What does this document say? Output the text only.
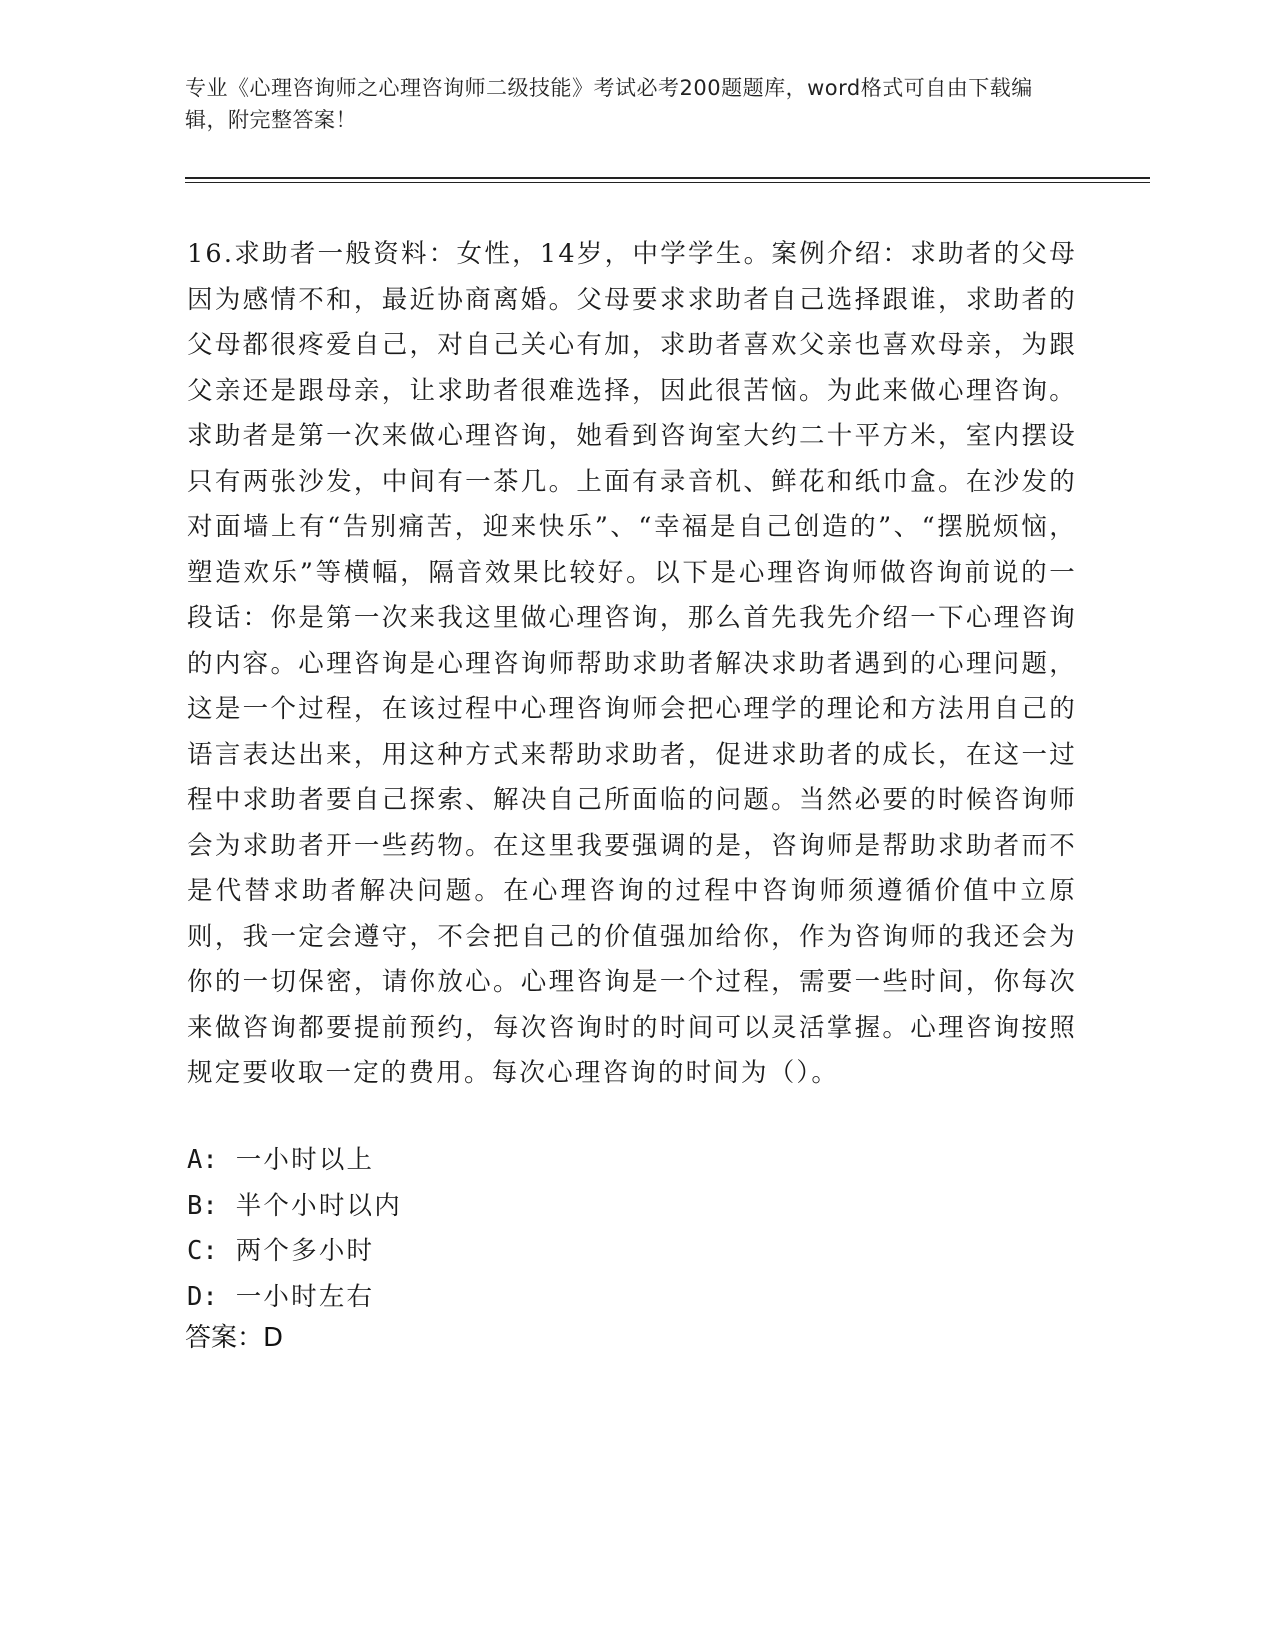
专业《心理咨询师之心理咨询师二级技能》考试必考200题题库，word格式可自由下载编辑，附完整答案！
16.求助者一般资料：女性，14岁，中学学生。案例介绍：求助者的父母因为感情不和，最近协商离婚。父母要求求助者自己选择跟谁，求助者的父母都很疼爱自己，对自己关心有加，求助者喜欢父亲也喜欢母亲，为跟父亲还是跟母亲，让求助者很难选择，因此很苦恼。为此来做心理咨询。求助者是第一次来做心理咨询，她看到咨询室大约二十平方米，室内摆设只有两张沙发，中间有一茶几。上面有录音机、鲜花和纸巾盒。在沙发的对面墙上有“告别痛苦，迎来快乐”、“幸福是自己创造的”、“摆脱烦恼，塑造欢乐”等横幅，隔音效果比较好。以下是心理咨询师做咨询前说的一段话：你是第一次来我这里做心理咨询，那么首先我先介绍一下心理咨询的内容。心理咨询是心理咨询师帮助求助者解决求助者遇到的心理问题，这是一个过程，在该过程中心理咨询师会把心理学的理论和方法用自己的语言表达出来，用这种方式来帮助求助者，促进求助者的成长，在这一过程中求助者要自己探索、解决自己所面临的问题。当然必要的时候咨询师会为求助者开一些药物。在这里我要强调的是，咨询师是帮助求助者而不是代替求助者解决问题。在心理咨询的过程中咨询师须遵循价值中立原则，我一定会遵守，不会把自己的价值强加给你，作为咨询师的我还会为你的一切保密，请你放心。心理咨询是一个过程，需要一些时间，你每次来做咨询都要提前预约，每次咨询时的时间可以灵活掌握。心理咨询按照规定要收取一定的费用。每次心理咨询的时间为（）。
A: 一小时以上
B: 半个小时以内
C: 两个多小时
D: 一小时左右
答案：D
